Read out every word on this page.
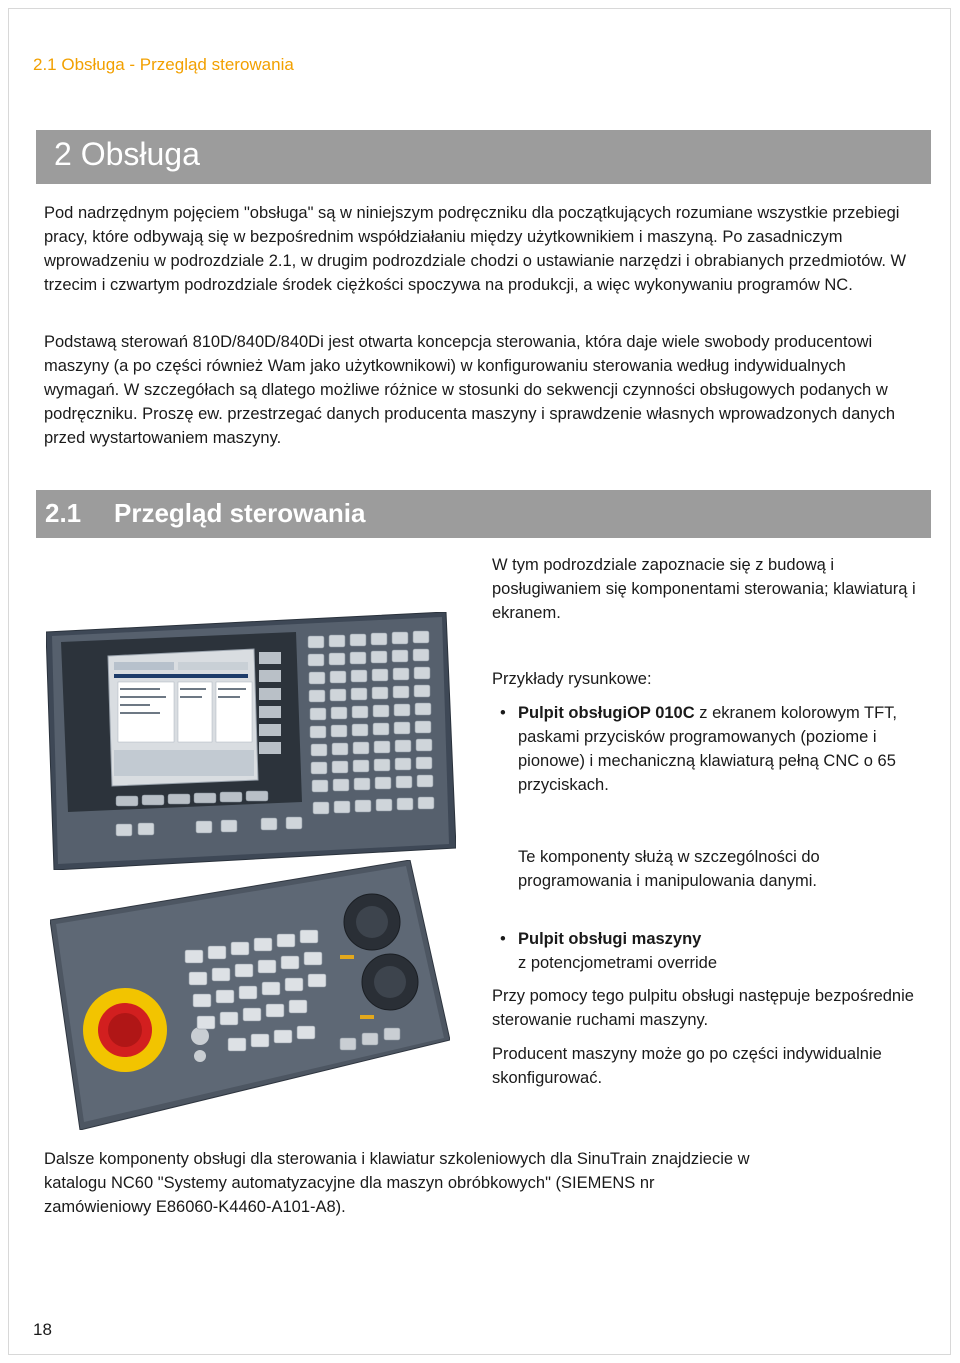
2.1 Obsługa - Przegląd sterowania
2 Obsługa
Pod nadrzędnym pojęciem "obsługa" są w niniejszym podręczniku dla początkujących rozumiane wszystkie przebiegi pracy, które odbywają się w bezpośrednim współdziałaniu między użytkownikiem i maszyną. Po zasadniczym wprowadzeniu w podrozdziale 2.1, w drugim podrozdziale chodzi o ustawianie narzędzi i obrabianych przedmiotów. W trzecim i czwartym podrozdziale środek ciężkości spoczywa na produkcji, a więc wykonywaniu programów NC.
Podstawą sterowań 810D/840D/840Di jest otwarta koncepcja sterowania, która daje wiele swobody producentowi maszyny (a po części również Wam jako użytkownikowi) w konfigurowaniu sterowania według indywidualnych wymagań. W szczegółach są dlatego możliwe różnice w stosunki do sekwencji czynności obsługowych podanych w podręczniku. Proszę ew. przestrzegać danych producenta maszyny i sprawdzenie własnych wprowadzonych danych przed wystartowaniem maszyny.
2.1 Przegląd sterowania
W tym podrozdziale zapoznacie się z budową i posługiwaniem się komponentami sterowania; klawiaturą i ekranem.
Przykłady rysunkowe:
• Pulpit obsługiOP 010C z ekranem kolorowym TFT, paskami przycisków programowanych (poziome i pionowe) i mechaniczną klawiaturą pełną CNC o 65 przyciskach.
Te komponenty służą w szczególności do programowania i manipulowania danymi.
• Pulpit obsługi maszyny
z potencjometrami override
Przy pomocy tego pulpitu obsługi następuje bezpośrednie sterowanie ruchami maszyny.
Producent maszyny może go po części indywidualnie skonfigurować.
Dalsze komponenty obsługi dla sterowania i klawiatur szkoleniowych dla SinuTrain znajdziecie w katalogu NC60 "Systemy automatyzacyjne dla maszyn obróbkowych" (SIEMENS nr zamówieniowy E86060-K4460-A101-A8).
18
